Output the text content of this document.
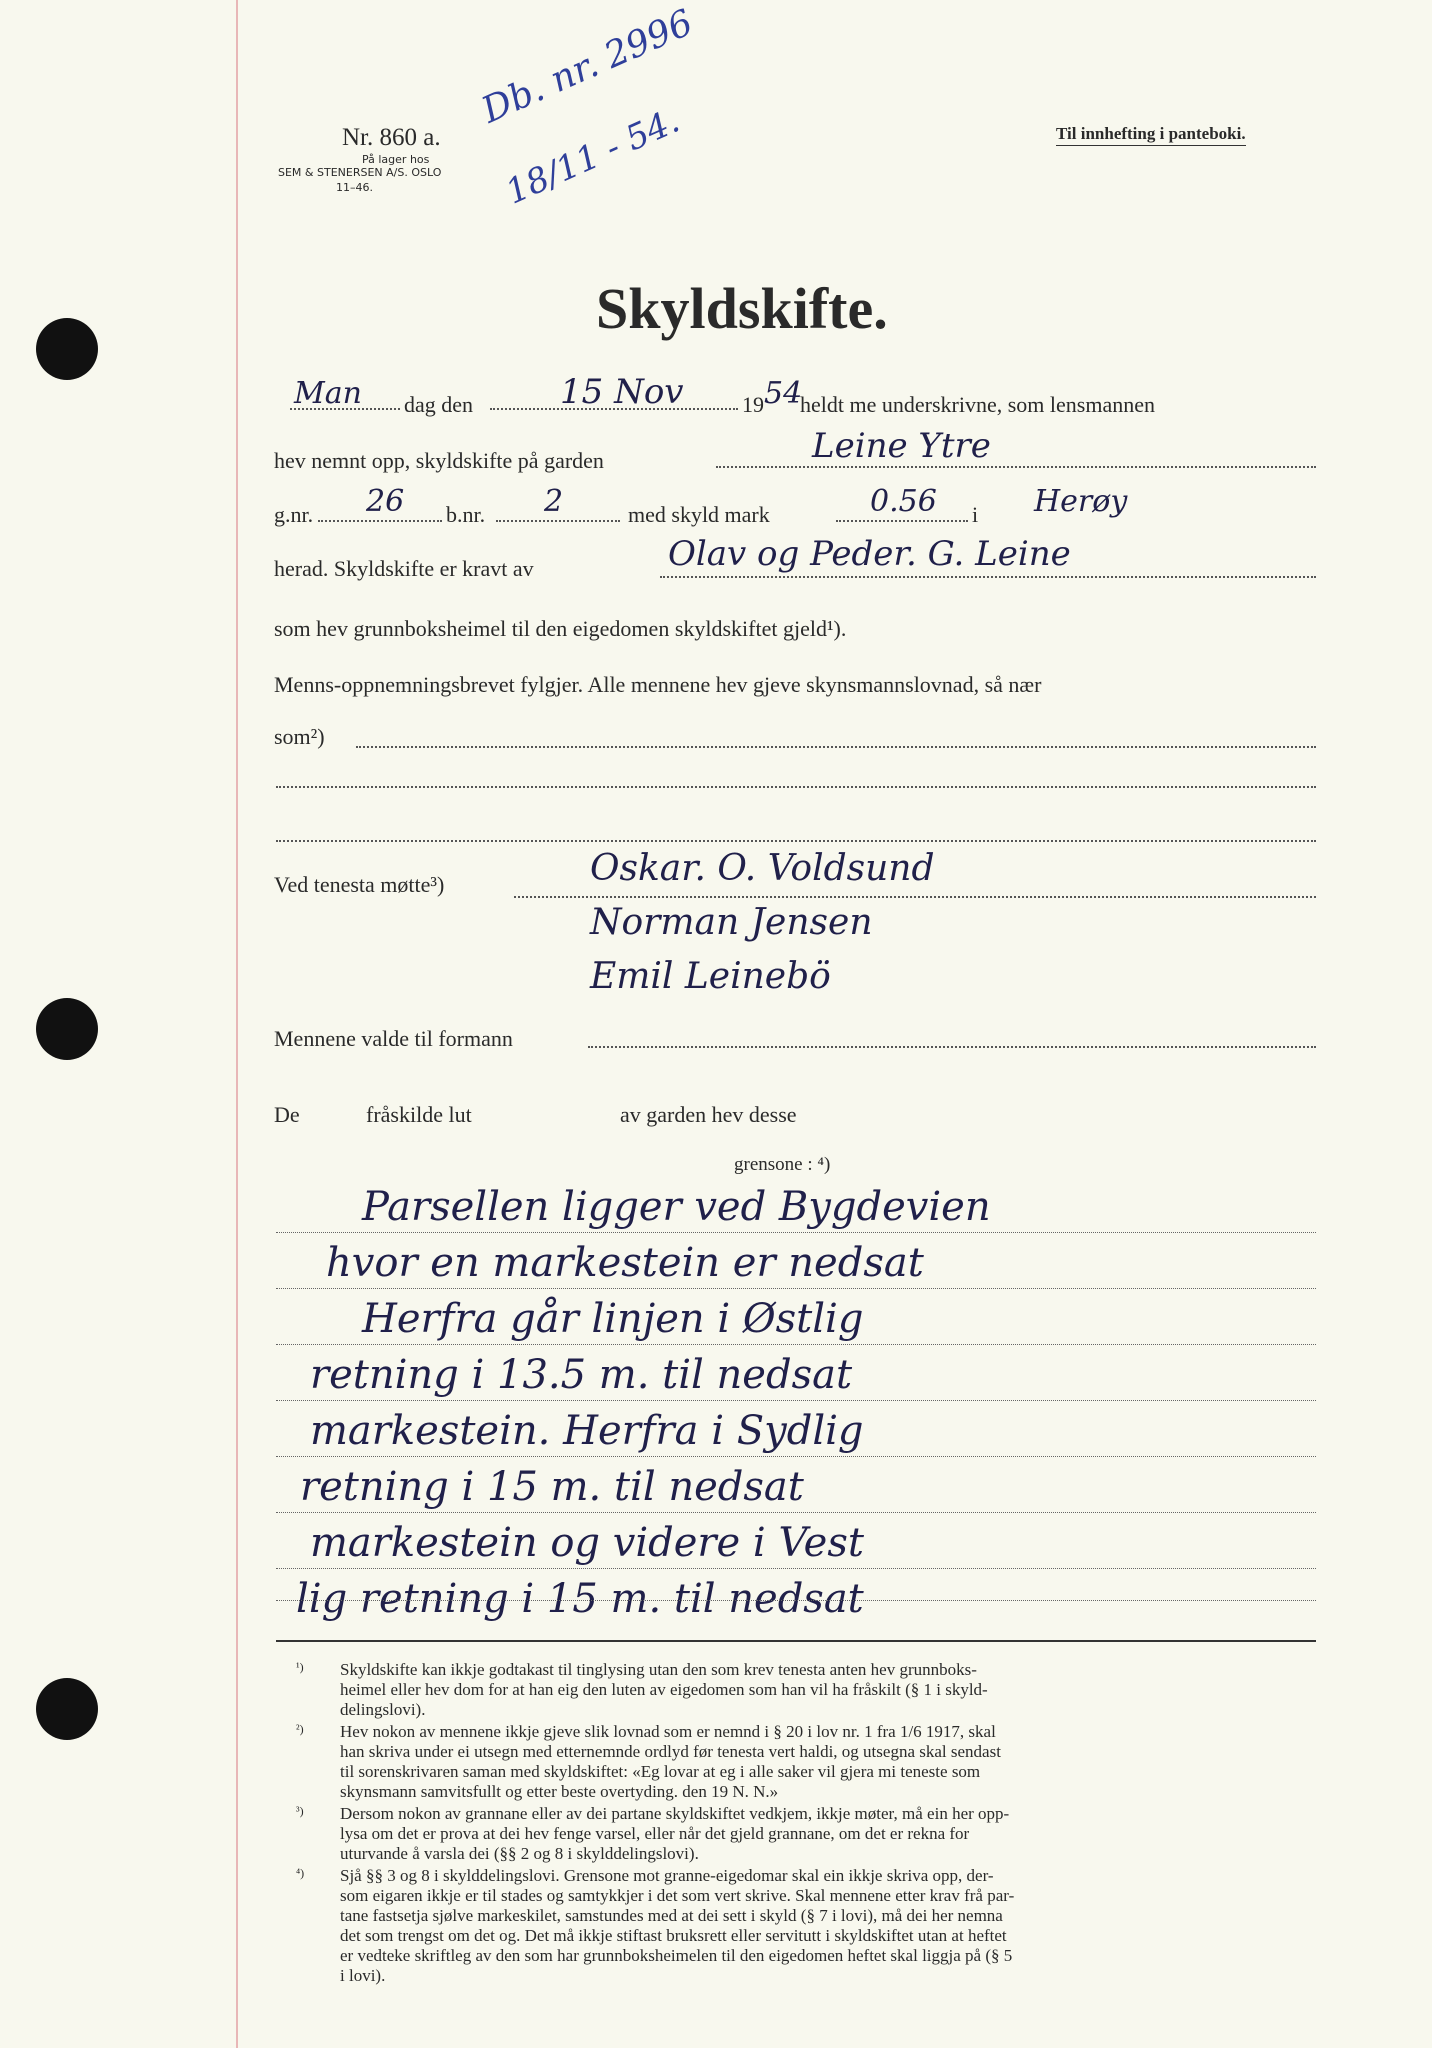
Nr. 860 a.
På lager hos
SEM & STENERSEN A/S. OSLO
11–46.
Db. nr. 2996
18/11 - 54.	Til innhefting i panteboki.
Skyldskifte.
Man dag den	15 Nov	19 54
heldt me underskrivne, som lensmannen
hev nemnt opp, skyldskifte på garden	Leine Ytre
g.nr. 26 b.nr. 2	med skyld mark	0.56 i Herøy
herad. Skyldskifte er kravt av	Olav og Peder. G. Leine
som hev grunnboksheimel til den eigedomen skyldskiftet gjeld¹).
Menns-oppnemningsbrevet fylgjer. Alle mennene hev gjeve skynsmannslovnad, så nær
som²)
Ved tenesta møtte³)	Oskar. O. Voldsund
Norman Jensen
Emil Leinebö
Mennene valde til formann
De	fråskilde lut	av garden hev desse
grensone : ⁴)
Parsellen ligger ved Bygdevien
hvor en markestein er nedsat
Herfra går linjen i Østlig
retning i 13.5 m. til nedsat
markestein. Herfra i Sydlig
retning i 15 m. til nedsat
markestein og videre i Vest
lig retning i 15 m. til nedsat
¹) Skyldskifte kan ikkje godtakast til tinglysing utan den som krev tenesta anten hev grunnboks-
heimel eller hev dom for at han eig den luten av eigedomen som han vil ha fråskilt (§ 1 i skyld-
delingslovi).
²) Hev nokon av mennene ikkje gjeve slik lovnad som er nemnd i § 20 i lov nr. 1 fra 1/6 1917, skal
han skriva under ei utsegn med etternemnde ordlyd før tenesta vert haldi, og utsegna skal sendast
til sorenskrivaren saman med skyldskiftet: «Eg lovar at eg i alle saker vil gjera mi teneste som
skynsmann samvitsfullt og etter beste overtyding. den 19 N. N.»
³) Dersom nokon av grannane eller av dei partane skyldskiftet vedkjem, ikkje møter, må ein her opp-
lysa om det er prova at dei hev fenge varsel, eller når det gjeld grannane, om det er rekna for
uturvande å varsla dei (§§ 2 og 8 i skylddelingslovi).
⁴) Sjå §§ 3 og 8 i skylddelingslovi. Grensone mot granne-eigedomar skal ein ikkje skriva opp, der-
som eigaren ikkje er til stades og samtykkjer i det som vert skrive. Skal mennene etter krav frå par-
tane fastsetja sjølve markeskilet, samstundes med at dei sett i skyld (§ 7 i lovi), må dei her nemna
det som trengst om det og. Det må ikkje stiftast bruksrett eller servitutt i skyldskiftet utan at heftet
er vedteke skriftleg av den som har grunnboksheimelen til den eigedomen heftet skal liggja på (§ 5
i lovi).
